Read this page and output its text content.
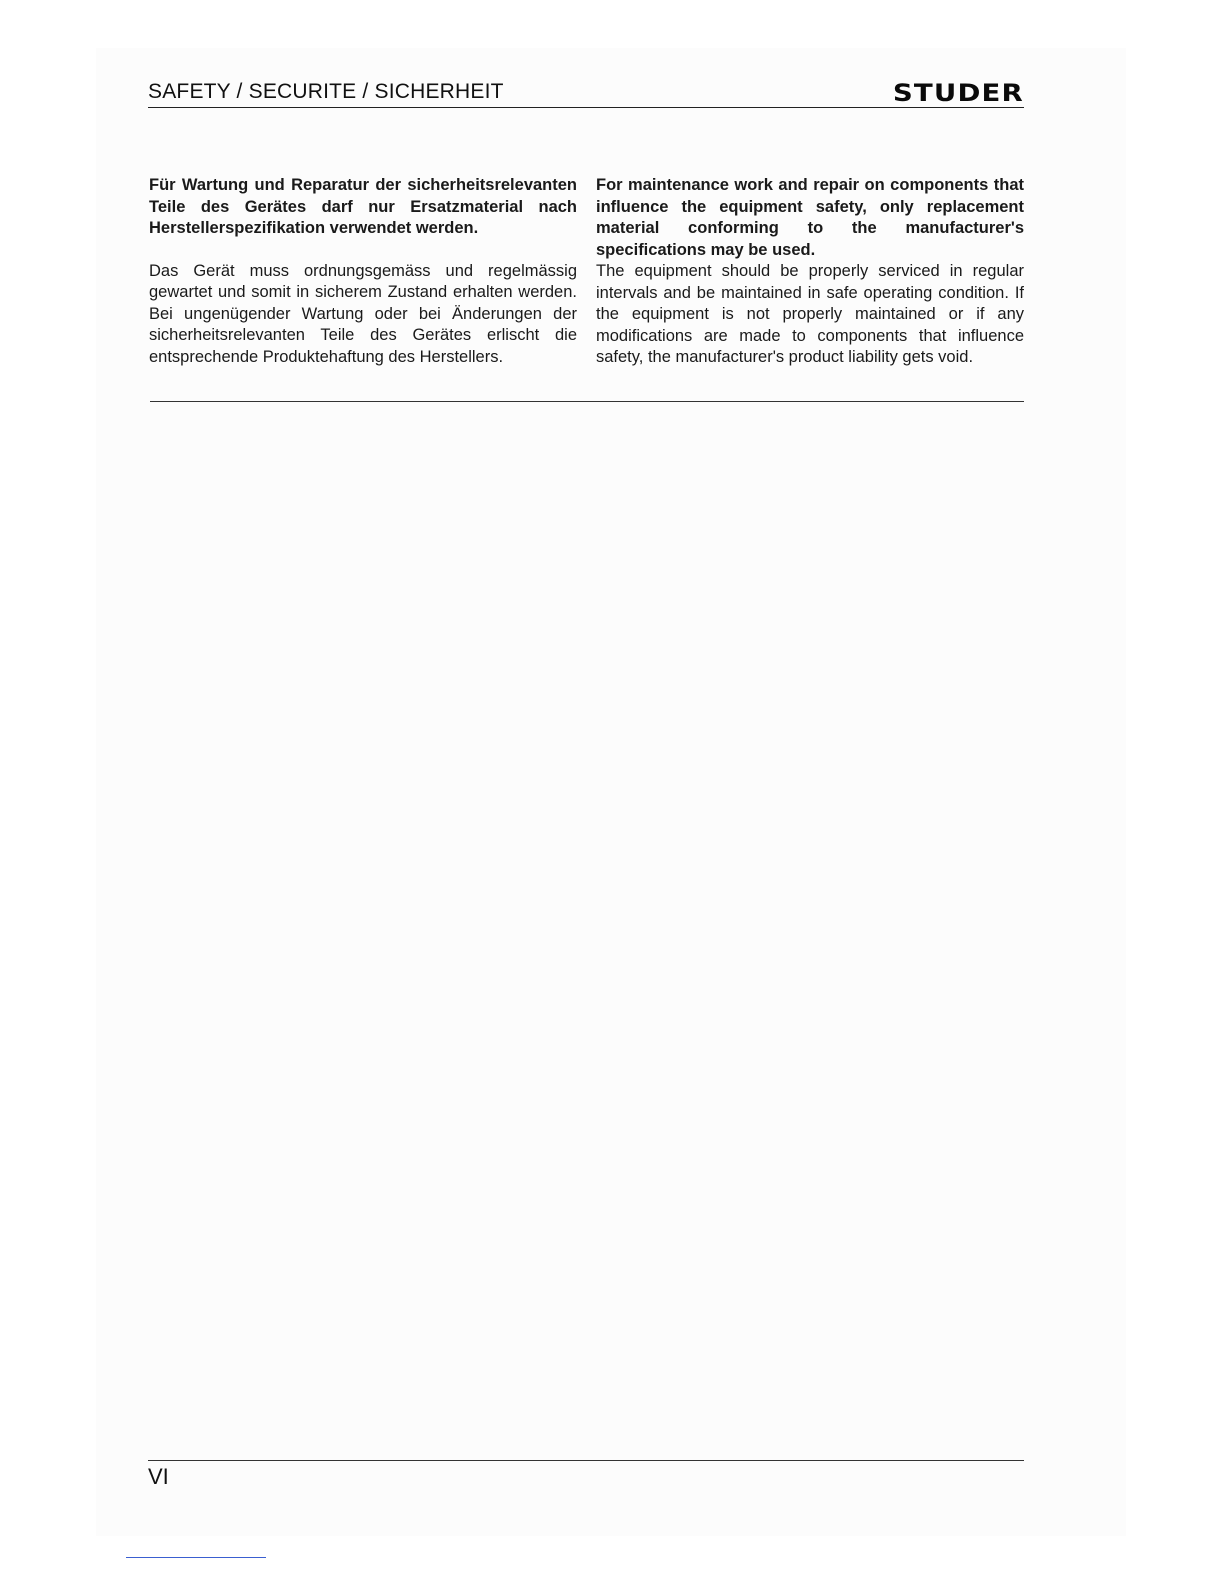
SAFETY / SECURITE / SICHERHEIT	STUDER

Für Wartung und Reparatur der sicherheitsrelevanten Teile des Gerätes darf nur Ersatzmaterial nach Herstellerspezifikation verwendet werden.

Das Gerät muss ordnungsgemäss und regelmässig gewartet und somit in sicherem Zustand erhalten werden. Bei ungenügender Wartung oder bei Änderungen der sicherheitsrelevanten Teile des Gerätes erlischt die entsprechende Produktehaftung des Herstellers.

For maintenance work and repair on components that influence the equipment safety, only replacement material conforming to the manufacturer's specifications may be used.

The equipment should be properly serviced in regular intervals and be maintained in safe operating condition. If the equipment is not properly maintained or if any modifications are made to components that influence safety, the manufacturer's product liability gets void.

VI
